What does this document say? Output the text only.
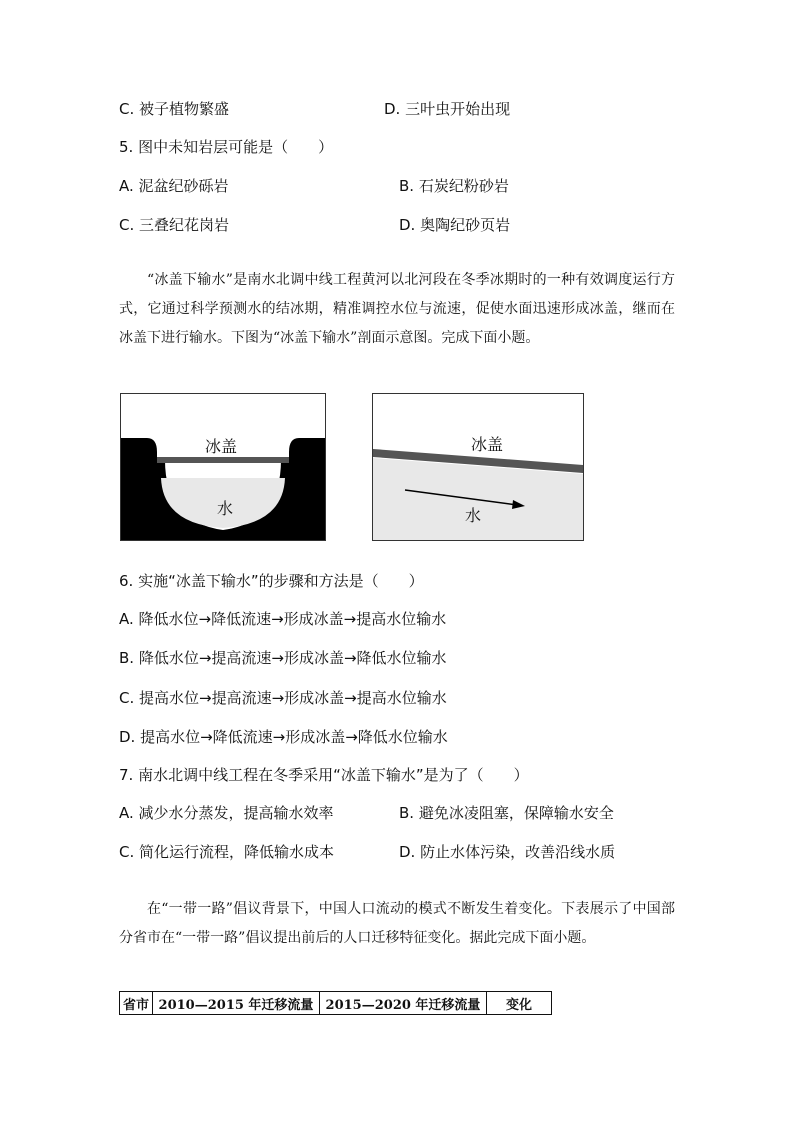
C. 被子植物繁盛	D. 三叶虫开始出现
5. 图中未知岩层可能是（　　）
A. 泥盆纪砂砾岩	B. 石炭纪粉砂岩
C. 三叠纪花岗岩	D. 奥陶纪砂页岩

“冰盖下输水”是南水北调中线工程黄河以北河段在冬季冰期时的一种有效调度运行方式，它通过科学预测水的结冰期，精准调控水位与流速，促使水面迅速形成冰盖，继而在冰盖下进行输水。下图为“冰盖下输水”剖面示意图。完成下面小题。

冰盖
水
冰盖
水
6. 实施“冰盖下输水”的步骤和方法是（　　）
A. 降低水位→降低流速→形成冰盖→提高水位输水
B. 降低水位→提高流速→形成冰盖→降低水位输水
C. 提高水位→提高流速→形成冰盖→提高水位输水
D. 提高水位→降低流速→形成冰盖→降低水位输水
7. 南水北调中线工程在冬季采用“冰盖下输水”是为了（　　）
A. 减少水分蒸发，提高输水效率	B. 避免冰凌阻塞，保障输水安全
C. 简化运行流程，降低输水成本	D. 防止水体污染，改善沿线水质

在“一带一路”倡议背景下，中国人口流动的模式不断发生着变化。下表展示了中国部分省市在“一带一路”倡议提出前后的人口迁移特征变化。据此完成下面小题。

省市	2010—2015 年迁移流量	2015—2020 年迁移流量	变化
